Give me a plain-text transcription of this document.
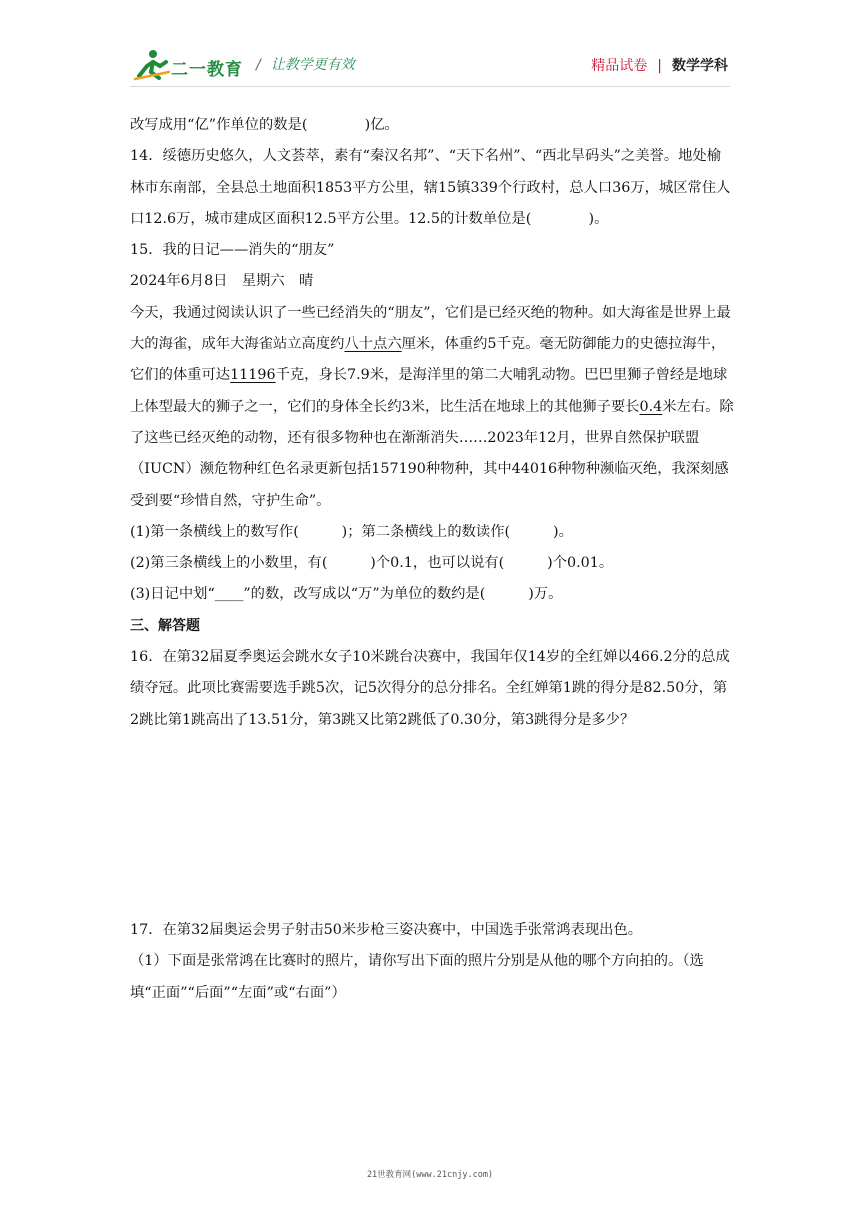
二一教育 / 让教学更有效	精品试卷 | 数学学科

改写成用“亿”作单位的数是(　　　　)亿。

14．绥德历史悠久，人文荟萃，素有“秦汉名邦”、“天下名州”、“西北旱码头”之美誉。地处榆林市东南部，全县总土地面积1853平方公里，辖15镇339个行政村，总人口36万，城区常住人口12.6万，城市建成区面积12.5平方公里。12.5的计数单位是(　　　　)。

15．我的日记——消失的“朋友”

2024年6月8日　星期六　晴

今天，我通过阅读认识了一些已经消失的“朋友”，它们是已经灭绝的物种。如大海雀是世界上最大的海雀，成年大海雀站立高度约八十点六厘米，体重约5千克。毫无防御能力的史德拉海牛，它们的体重可达11196千克，身长7.9米，是海洋里的第二大哺乳动物。巴巴里狮子曾经是地球上体型最大的狮子之一，它们的身体全长约3米，比生活在地球上的其他狮子要长0.4米左右。除了这些已经灭绝的动物，还有很多物种也在渐渐消失……2023年12月，世界自然保护联盟（IUCN）濒危物种红色名录更新包括157190种物种，其中44016种物种濒临灭绝，我深刻感受到要“珍惜自然，守护生命”。

(1)第一条横线上的数写作(　　　)；第二条横线上的数读作(　　　)。

(2)第三条横线上的小数里，有(　　　)个0.1，也可以说有(　　　)个0.01。

(3)日记中划“____”的数，改写成以“万”为单位的数约是(　　　)万。

三、解答题

16．在第32届夏季奥运会跳水女子10米跳台决赛中，我国年仅14岁的全红婵以466.2分的总成绩夺冠。此项比赛需要选手跳5次，记5次得分的总分排名。全红婵第1跳的得分是82.50分，第2跳比第1跳高出了13.51分，第3跳又比第2跳低了0.30分，第3跳得分是多少？

17．在第32届奥运会男子射击50米步枪三姿决赛中，中国选手张常鸿表现出色。

（1）下面是张常鸿在比赛时的照片，请你写出下面的照片分别是从他的哪个方向拍的。（选填“正面”“后面”“左面”或“右面”）

21世教育网(www.21cnjy.com)
